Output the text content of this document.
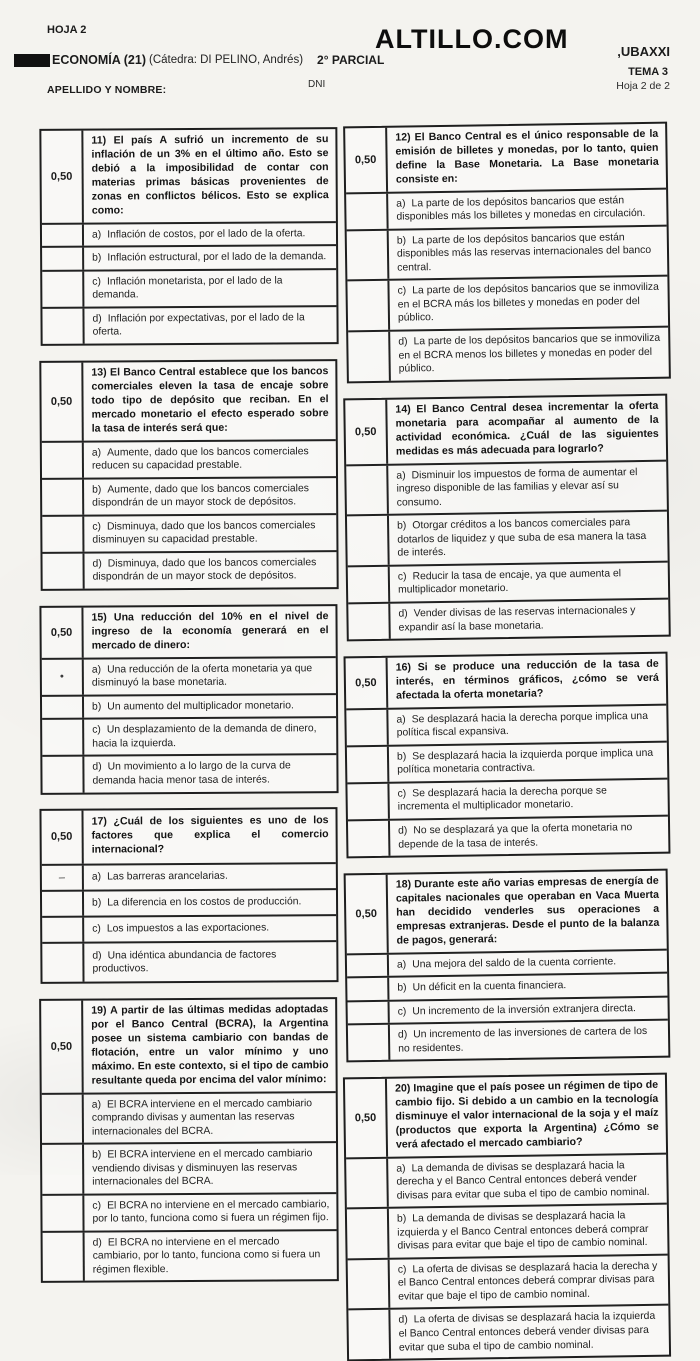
HOJA 2	ALTILLO.COM	,UBAXXI
ECONOMÍA (21) (Cátedra: DI PELINO, Andrés) 2° PARCIAL
TEMA 3
Hoja 2 de 2
APELLIDO Y NOMBRE:	DNI
0,50
11) El país A sufrió un incremento de su inflación de un 3% en el último año. Esto se debió a la imposibilidad de contar con materias primas básicas provenientes de zonas en conflictos bélicos. Esto se explica como:
a) Inflación de costos, por el lado de la oferta.
b) Inflación estructural, por el lado de la demanda.
c) Inflación monetarista, por el lado de la demanda.
d) Inflación por expectativas, por el lado de la oferta.
0,50
13) El Banco Central establece que los bancos comerciales eleven la tasa de encaje sobre todo tipo de depósito que reciban. En el mercado monetario el efecto esperado sobre la tasa de interés será que:
a) Aumente, dado que los bancos comerciales reducen su capacidad prestable.
b) Aumente, dado que los bancos comerciales dispondrán de un mayor stock de depósitos.
c) Disminuya, dado que los bancos comerciales disminuyen su capacidad prestable.
d) Disminuya, dado que los bancos comerciales dispondrán de un mayor stock de depósitos.
0,50
15) Una reducción del 10% en el nivel de ingreso de la economía generará en el mercado de dinero:
•
a) Una reducción de la oferta monetaria ya que disminuyó la base monetaria.
b) Un aumento del multiplicador monetario.
c) Un desplazamiento de la demanda de dinero, hacia la izquierda.
d) Un movimiento a lo largo de la curva de demanda hacia menor tasa de interés.
0,50
17) ¿Cuál de los siguientes es uno de los factores que explica el comercio internacional?
–	a) Las barreras arancelarias.
b) La diferencia en los costos de producción.
c) Los impuestos a las exportaciones.
d) Una idéntica abundancia de factores productivos.
0,50
19) A partir de las últimas medidas adoptadas por el Banco Central (BCRA), la Argentina posee un sistema cambiario con bandas de flotación, entre un valor mínimo y uno máximo. En este contexto, si el tipo de cambio resultante queda por encima del valor mínimo:
a) El BCRA interviene en el mercado cambiario comprando divisas y aumentan las reservas internacionales del BCRA.
b) El BCRA interviene en el mercado cambiario vendiendo divisas y disminuyen las reservas internacionales del BCRA.
c) El BCRA no interviene en el mercado cambiario, por lo tanto, funciona como si fuera un régimen fijo.
d) El BCRA no interviene en el mercado cambiario, por lo tanto, funciona como si fuera un régimen flexible.
0,50
12) El Banco Central es el único responsable de la emisión de billetes y monedas, por lo tanto, quien define la Base Monetaria. La Base monetaria consiste en:
a) La parte de los depósitos bancarios que están disponibles más los billetes y monedas en circulación.
b) La parte de los depósitos bancarios que están disponibles más las reservas internacionales del banco central.
c) La parte de los depósitos bancarios que se inmoviliza en el BCRA más los billetes y monedas en poder del público.
d) La parte de los depósitos bancarios que se inmoviliza en el BCRA menos los billetes y monedas en poder del público.
0,50
14) El Banco Central desea incrementar la oferta monetaria para acompañar al aumento de la actividad económica. ¿Cuál de las siguientes medidas es más adecuada para lograrlo?
a) Disminuir los impuestos de forma de aumentar el ingreso disponible de las familias y elevar así su consumo.
b) Otorgar créditos a los bancos comerciales para dotarlos de liquidez y que suba de esa manera la tasa de interés.
c) Reducir la tasa de encaje, ya que aumenta el multiplicador monetario.
d) Vender divisas de las reservas internacionales y expandir así la base monetaria.
0,50
16) Si se produce una reducción de la tasa de interés, en términos gráficos, ¿cómo se verá afectada la oferta monetaria?
a) Se desplazará hacia la derecha porque implica una política fiscal expansiva.
b) Se desplazará hacia la izquierda porque implica una política monetaria contractiva.
c) Se desplazará hacia la derecha porque se incrementa el multiplicador monetario.
d) No se desplazará ya que la oferta monetaria no depende de la tasa de interés.
0,50
18) Durante este año varias empresas de energía de capitales nacionales que operaban en Vaca Muerta han decidido venderles sus operaciones a empresas extranjeras. Desde el punto de la balanza de pagos, generará:
a) Una mejora del saldo de la cuenta corriente.
b) Un déficit en la cuenta financiera.
c) Un incremento de la inversión extranjera directa.
d) Un incremento de las inversiones de cartera de los no residentes.
0,50
20) Imagine que el país posee un régimen de tipo de cambio fijo. Si debido a un cambio en la tecnología disminuye el valor internacional de la soja y el maíz (productos que exporta la Argentina) ¿Cómo se verá afectado el mercado cambiario?
a) La demanda de divisas se desplazará hacia la derecha y el Banco Central entonces deberá vender divisas para evitar que suba el tipo de cambio nominal.
b) La demanda de divisas se desplazará hacia la izquierda y el Banco Central entonces deberá comprar divisas para evitar que baje el tipo de cambio nominal.
c) La oferta de divisas se desplazará hacia la derecha y el Banco Central entonces deberá comprar divisas para evitar que baje el tipo de cambio nominal.
d) La oferta de divisas se desplazará hacia la izquierda el Banco Central entonces deberá vender divisas para evitar que suba el tipo de cambio nominal.
